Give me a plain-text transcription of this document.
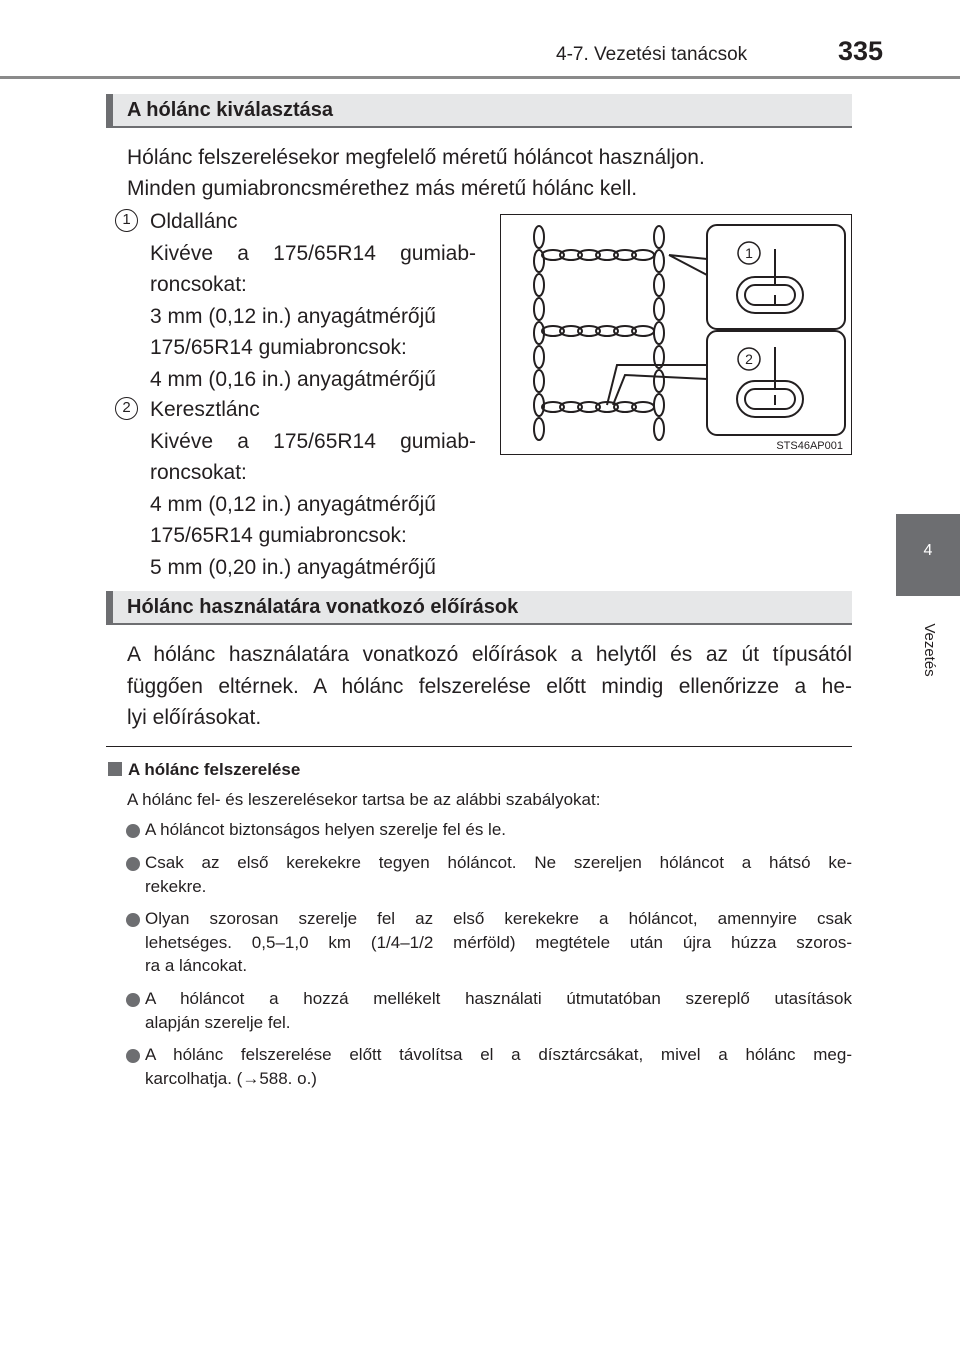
4-7. Vezetési tanácsok	335
4
Vezetés
A hólánc kiválasztása
Hólánc felszerelésekor megfelelő méretű hóláncot használjon.
Minden gumiabroncsmérethez más méretű hólánc kell.
1 Oldallánc
Kivéve a 175/65R14 gumiab-
roncsokat:
3 mm (0,12 in.) anyagátmérőjű
175/65R14 gumiabroncsok:
4 mm (0,16 in.) anyagátmérőjű
2 Keresztlánc
Kivéve a 175/65R14 gumiab-
roncsokat:
4 mm (0,12 in.) anyagátmérőjű
175/65R14 gumiabroncsok:
5 mm (0,20 in.) anyagátmérőjű
1
2
STS46AP001
Hólánc használatára vonatkozó előírások
A hólánc használatára vonatkozó előírások a helytől és az út típusától
függően eltérnek. A hólánc felszerelése előtt mindig ellenőrizze a he-
lyi előírásokat.
A hólánc felszerelése
A hólánc fel- és leszerelésekor tartsa be az alábbi szabályokat:
A hóláncot biztonságos helyen szerelje fel és le.
Csak az első kerekekre tegyen hóláncot. Ne szereljen hóláncot a hátsó ke-
rekekre.
Olyan szorosan szerelje fel az első kerekekre a hóláncot, amennyire csak
lehetséges. 0,5–1,0 km (1/4–1/2 mérföld) megtétele után újra húzza szoros-
ra a láncokat.
A hóláncot a hozzá mellékelt használati útmutatóban szereplő utasítások
alapján szerelje fel.
A hólánc felszerelése előtt távolítsa el a dísztárcsákat, mivel a hólánc meg-
karcolhatja. (→588. o.)
